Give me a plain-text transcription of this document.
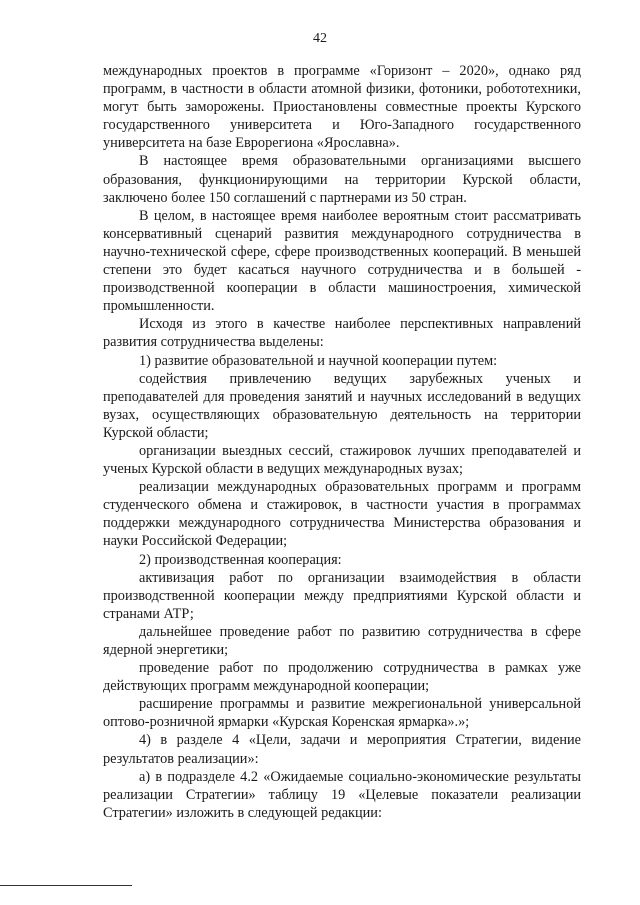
42

международных проектов в программе «Горизонт – 2020», однако ряд программ, в частности в области атомной физики, фотоники, робототехники, могут быть заморожены. Приостановлены совместные проекты Курского государственного университета и Юго-Западного государственного университета на базе Еврорегиона «Ярославна».

В настоящее время образовательными организациями высшего образования, функционирующими на территории Курской области, заключено более 150 соглашений с партнерами из 50 стран.

В целом, в настоящее время наиболее вероятным стоит рассматривать консервативный сценарий развития международного сотрудничества в научно-технической сфере, сфере производственных коопераций. В меньшей степени это будет касаться научного сотрудничества и в большей - производственной кооперации в области машиностроения, химической промышленности.

Исходя из этого в качестве наиболее перспективных направлений развития сотрудничества выделены:

1) развитие образовательной и научной кооперации путем:

содействия привлечению ведущих зарубежных ученых и преподавателей для проведения занятий и научных исследований в ведущих вузах, осуществляющих образовательную деятельность на территории Курской области;

организации выездных сессий, стажировок лучших преподавателей и ученых Курской области в ведущих международных вузах;

реализации международных образовательных программ и программ студенческого обмена и стажировок, в частности участия в программах поддержки международного сотрудничества Министерства образования и науки Российской Федерации;

2) производственная кооперация:

активизация работ по организации взаимодействия в области производственной кооперации между предприятиями Курской области и странами АТР;

дальнейшее проведение работ по развитию сотрудничества в сфере ядерной энергетики;

проведение работ по продолжению сотрудничества в рамках уже действующих программ международной кооперации;

расширение программы и развитие межрегиональной универсальной оптово-розничной ярмарки «Курская Коренская ярмарка».»;

4) в разделе 4 «Цели, задачи и мероприятия Стратегии, видение результатов реализации»:

а) в подразделе 4.2 «Ожидаемые социально-экономические результаты реализации Стратегии» таблицу 19 «Целевые показатели реализации Стратегии» изложить в следующей редакции:
